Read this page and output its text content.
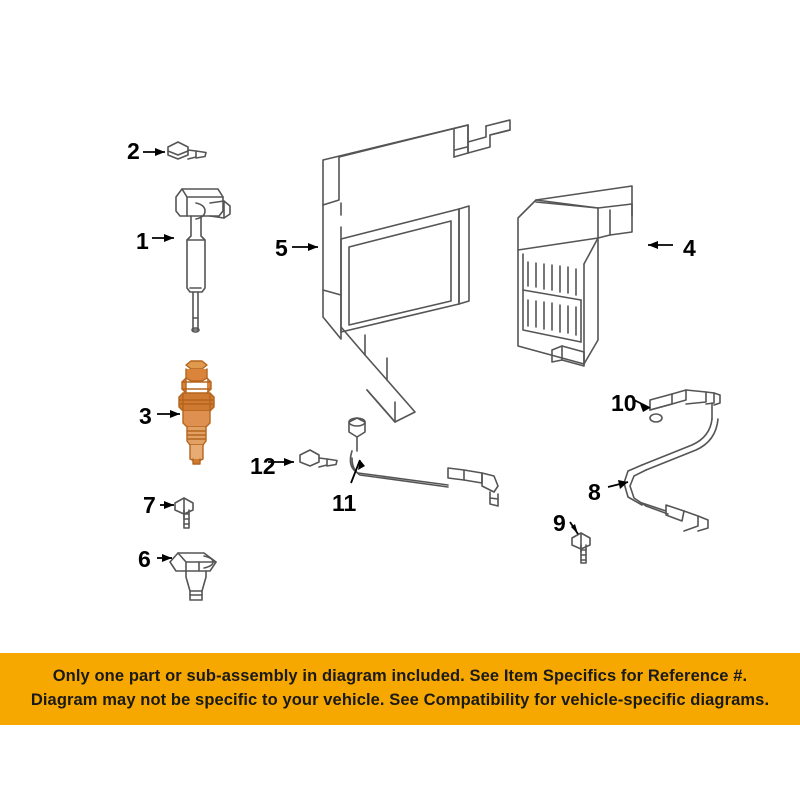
1
2
3
4
5
6
7	8
9
10
11
12
Only one part or sub-assembly in diagram included. See Item Specifics for Reference #.
Diagram may not be specific to your vehicle. See Compatibility for vehicle-specific diagrams.
